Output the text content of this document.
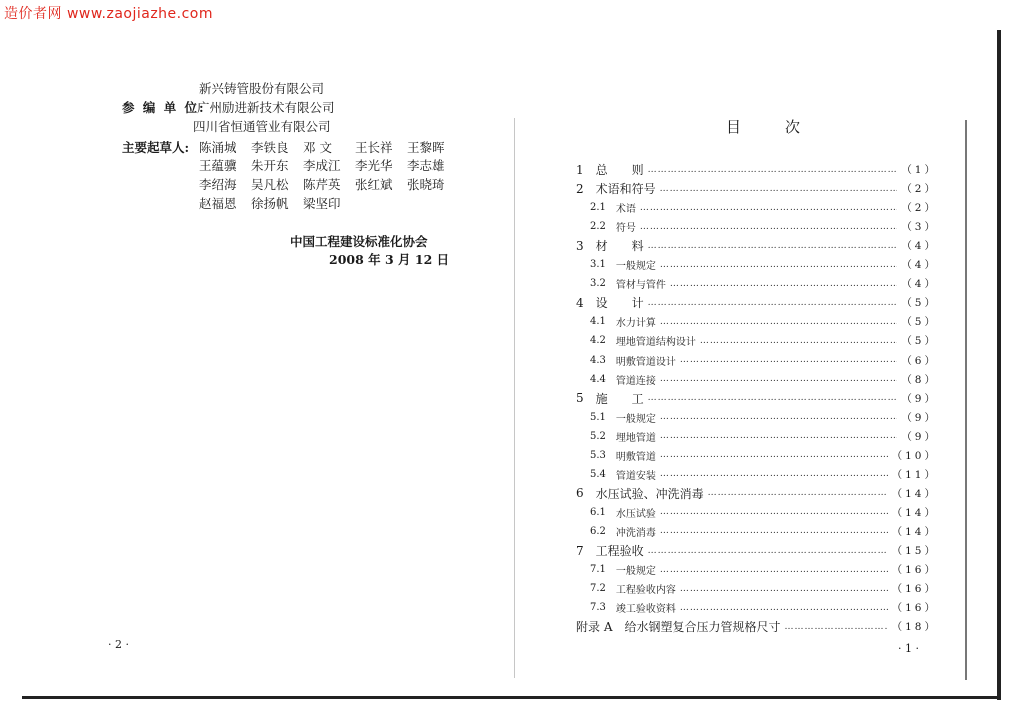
造价者网 www.zaojiazhe.com
新兴铸管股份有限公司
参 编 单 位:
广州励进新技术有限公司
四川省恒通管业有限公司
主要起草人: 陈涌城 李铁良 邓 文 王长祥 王黎晖
王蕴骥 朱开东 李成江 李光华 李志雄
李绍海 吴凡松 陈芹英 张红斌 张晓琦
赵福恩 徐扬帆 梁坚印
中国工程建设标准化协会
2008 年 3 月 12 日
· 2 ·
目	次
1 总　　则 ………………………………………………………………………………………………………………………………………	（1）
2 术语和符号 ………………………………………………………………………………………………………………………………………	（2）
2.1 术语 ………………………………………………………………………………………………………………………………………	（2）
2.2 符号 ………………………………………………………………………………………………………………………………………	（3）
3 材　　料 ………………………………………………………………………………………………………………………………………	（4）
3.1 一般规定 ………………………………………………………………………………………………………………………………………	（4）
3.2 管材与管件 ………………………………………………………………………………………………………………………………………	（4）
4 设　　计 ………………………………………………………………………………………………………………………………………	（5）
4.1 水力计算 ………………………………………………………………………………………………………………………………………	（5）
4.2 埋地管道结构设计 ………………………………………………………………………………………………………………………………………	（5）
4.3 明敷管道设计 ………………………………………………………………………………………………………………………………………	（6）
4.4 管道连接 ………………………………………………………………………………………………………………………………………	（8）
5 施　　工 ………………………………………………………………………………………………………………………………………	（9）
5.1 一般规定 ………………………………………………………………………………………………………………………………………	（9）
5.2 埋地管道 ………………………………………………………………………………………………………………………………………	（9）
5.3 明敷管道 ………………………………………………………………………………………………………………………………………	（10）
5.4 管道安装 ………………………………………………………………………………………………………………………………………	（11）
6 水压试验、冲洗消毒 ………………………………………………………………………………………………………………………………………	（14）
6.1 水压试验 ………………………………………………………………………………………………………………………………………	（14）
6.2 冲洗消毒 ………………………………………………………………………………………………………………………………………	（14）
7 工程验收 ………………………………………………………………………………………………………………………………………	（15）
7.1 一般规定 ………………………………………………………………………………………………………………………………………	（16）
7.2 工程验收内容 ………………………………………………………………………………………………………………………………………	（16）
7.3 竣工验收资料 ………………………………………………………………………………………………………………………………………	（16）
附录 A 给水钢塑复合压力管规格尺寸 ………………………………………………………………………………………………………………………………………	（18）
· 1 ·
